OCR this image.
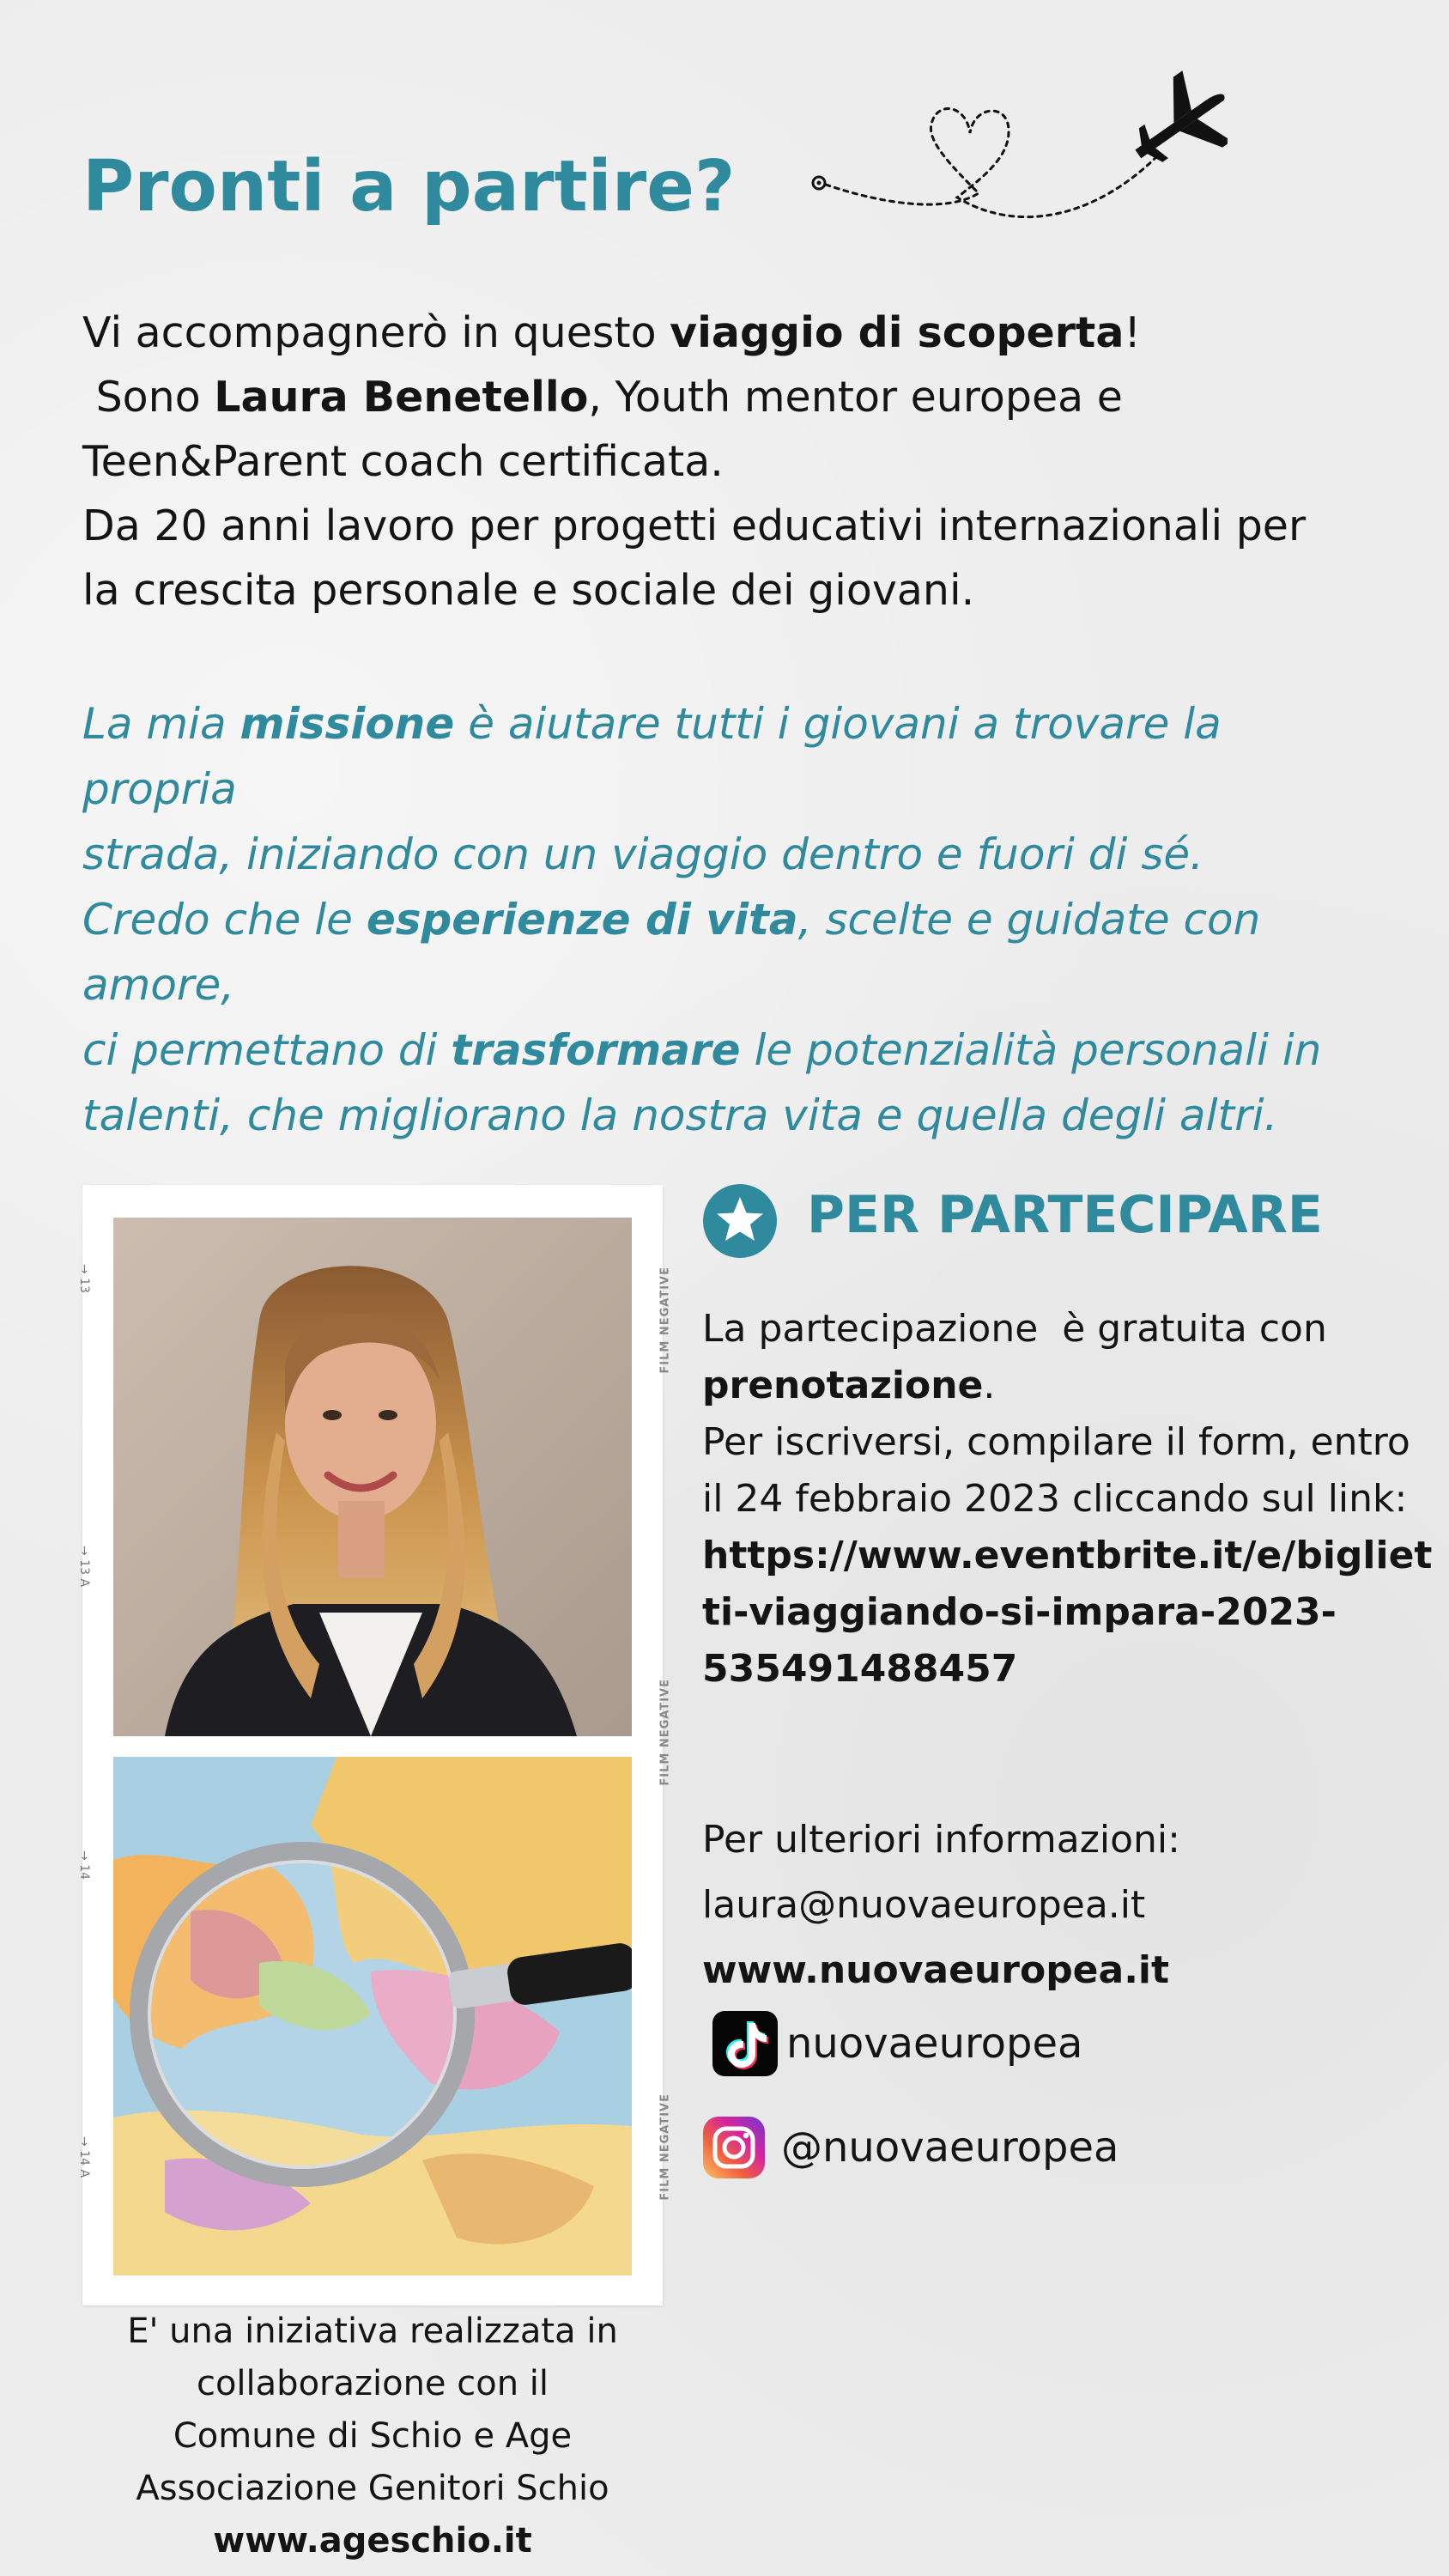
Pronti a partire?
Vi accompagnerò in questo viaggio di scoperta!
Sono Laura Benetello, Youth mentor europea e
Teen&Parent coach certificata.
Da 20 anni lavoro per progetti educativi internazionali per
la crescita personale e sociale dei giovani.
La mia missione è aiutare tutti i giovani a trovare la propria
strada, iniziando con un viaggio dentro e fuori di sé.
Credo che le esperienze di vita, scelte e guidate con amore,
ci permettano di trasformare le potenzialità personali in
talenti, che migliorano la nostra vita e quella degli altri.
→ 13
→ 13 A
→ 14
→ 14 A
FILM NEGATIVE
FILM NEGATIVE
FILM NEGATIVE
E' una iniziativa realizzata in
collaborazione con il
Comune di Schio e Age
Associazione Genitori Schio
www.ageschio.it
PER PARTECIPARE
La partecipazione  è gratuita con
prenotazione.
Per iscriversi, compilare il form, entro
il 24 febbraio 2023 cliccando sul link:
https://www.eventbrite.it/e/bigliet
ti-viaggiando-si-impara-2023-
535491488457
Per ulteriori informazioni:
laura@nuovaeuropea.it
www.nuovaeuropea.it
nuovaeuropea
@nuovaeuropea
